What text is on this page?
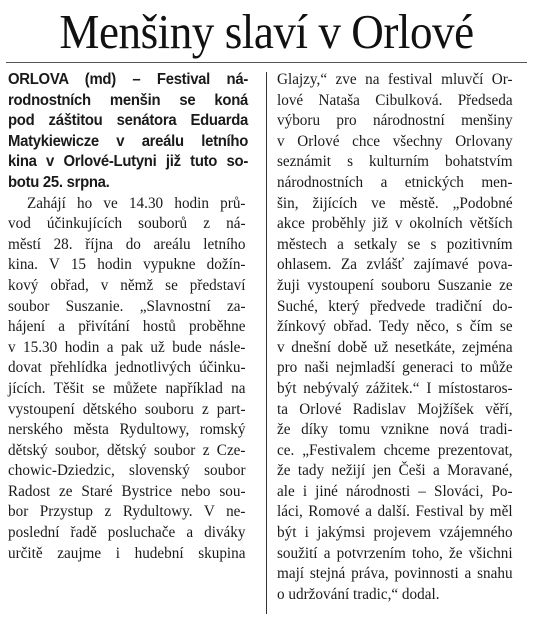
Menšiny slaví v Orlové
ORLOVA (md) – Festival ná-
rodnostních menšin se koná
pod záštitou senátora Eduarda
Matykiewicze v areálu letního
kina v Orlové-Lutyni již tuto so-
botu 25. srpna.
Zahájí ho ve 14.30 hodin prů-
vod účinkujících souborů z ná-
městí 28. října do areálu letního
kina. V 15 hodin vypukne dožín-
kový obřad, v němž se představí
soubor Suszanie. „Slavnostní za-
hájení a přivítání hostů proběhne
v 15.30 hodin a pak už bude násle-
dovat přehlídka jednotlivých účinku-
jících. Těšit se můžete například na
vystoupení dětského souboru z part-
nerského města Rydultowy, romský
dětský soubor, dětský soubor z Cze-
chowic-Dziedzic, slovenský soubor
Radost ze Staré Bystrice nebo sou-
bor Przystup z Rydultowy. V ne-
poslední řadě posluchače a diváky
určitě zaujme i hudební skupina
Glajzy,“ zve na festival mluvčí Or-
lové Nataša Cibulková. Předseda
výboru pro národnostní menšiny
v Orlové chce všechny Orlovany
seznámit s kulturním bohatstvím
národnostních a etnických men-
šin, žijících ve městě. „Podobné
akce proběhly již v okolních větších
městech a setkaly se s pozitivním
ohlasem. Za zvlášť zajímavé pova-
žuji vystoupení souboru Suszanie ze
Suché, který předvede tradiční do-
žínkový obřad. Tedy něco, s čím se
v dnešní době už nesetkáte, zejména
pro naši nejmladší generaci to může
být nebývalý zážitek.“ I místostaros-
ta Orlové Radislav Mojžíšek věří,
že díky tomu vznikne nová tradi-
ce. „Festivalem chceme prezentovat,
že tady nežijí jen Češi a Moravané,
ale i jiné národnosti – Slováci, Po-
láci, Romové a další. Festival by měl
být i jakýmsi projevem vzájemného
soužití a potvrzením toho, že všichni
mají stejná práva, povinnosti a snahu
o udržování tradic,“ dodal.
